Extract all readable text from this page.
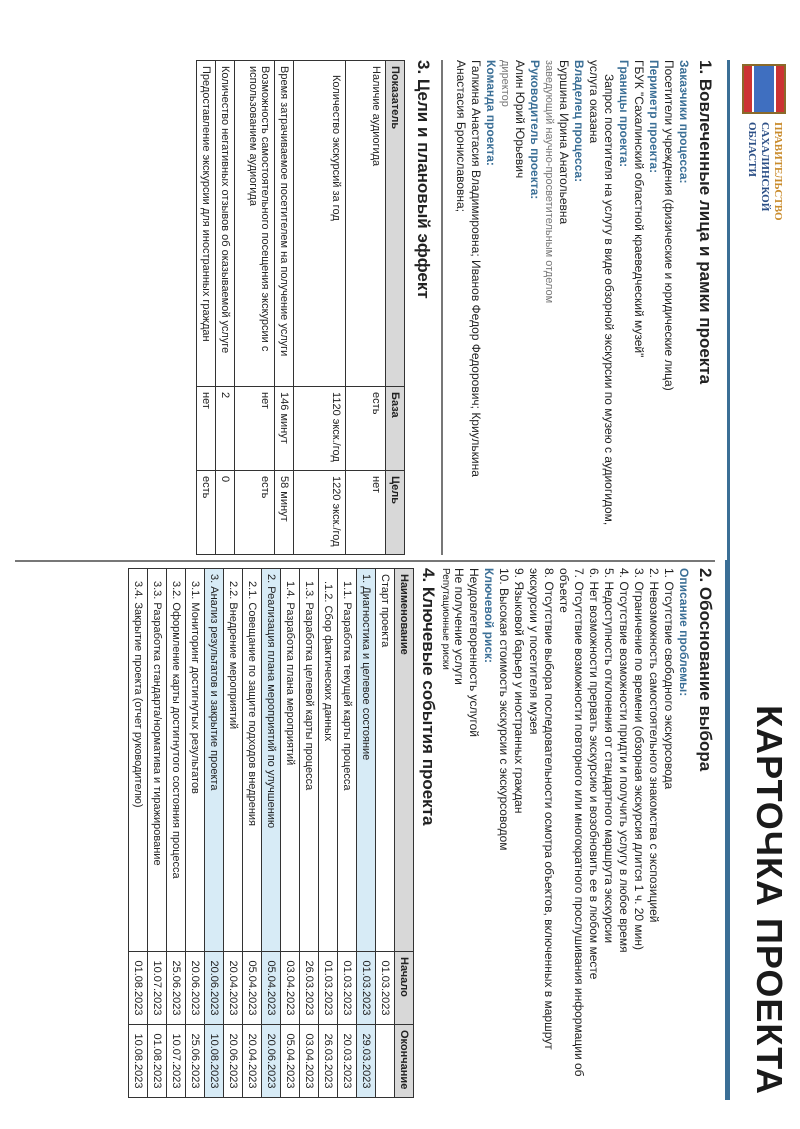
ПРАВИТЕЛЬСТВО
САХАЛИНСКОЙ
ОБЛАСТИ
КАРТОЧКА ПРОЕКТА
1. Вовлеченные лица и рамки проекта
Заказчики процесса:
Посетители учреждения (физические и юридические лица)
Периметр проекта:
ГБУК "Сахалинский областной краеведческий музей"
Границы проекта:
Запрос посетителя на услугу в виде обзорной экскурсии по музею с аудиогидом,
услуга оказана
Владелец процесса:
Буршина Ирина Анатольевна
заведующий научно-просветительным отделом
Руководитель проекта:
Алин Юрий Юрьевич
директор
Команда проекта:
Галкина Анастасия Владимировна; Иванов Федор Федорович; Криулькина
Анастасия Брониславовна;
3. Цели и плановый эффект
Показатель	База	Цель
Наличие аудиогида	есть	нет
Количество экскурсий за год	1120 экск./год	1220 экск./год
Время затрачиваемое посетителем на получение услуги	146 минут	58 минут
Возможность самостоятельного посещения экскурсии с использованием аудиогида	нет	есть
Количество негативных отзывов об оказываемой услуге	2	0
Предоставление экскурсии для иностранных граждан	нет	есть
2. Обоснование выбора
Описание проблемы:
1. Отсутствие свободного экскурсовода
2. Невозможность самостоятельного знакомства с экспозицией
3. Ограничение по времени (обзорная экскурсия длится 1 ч. 20 мин)
4. Отсутствие возможности придти и получить услугу в любое время
5. Недоступность отклонения от стандартного маршрута экскурсии
6. Нет возможности прервать экскурсию и возобновить ее в любом месте
7. Отсутствие возможности повторного или многократного прослушивания информации об объекте
8. Отсутствие выбора последовательности осмотра объектов, включенных в маршрут экскурсии у посетителя музея
9. Языковой барьер у иностранных граждан
10. Высокая стоимость экскурсии с экскурсоводом
Ключевой риск:
Неудовлетворенность услугой
Не получение услуги
Репутационные риски
4. Ключевые события проекта
Наименование	Начало	Окончание
Старт проекта	01.03.2023	
1. Диагностика и целевое состояние	01.03.2023	29.03.2023
1.1. Разработка текущей карты процесса	01.03.2023	20.03.2023
.1.2. Сбор фактических данных	01.03.2023	26.03.2023
1.3. Разработка целевой карты процесса	26.03.2023	03.04.2023
1.4. Разработка плана мероприятий	03.04.2023	05.04.2023
2. Реализация плана мероприятий по улучшению	05.04.2023	20.06.2023
2.1. Совещание по защите подходов внедрения	05.04.2023	20.04.2023
2.2. Внедрение мероприятий	20.04.2023	20.06.2023
3. Анализ результатов и закрытие проекта	20.06.2023	10.08.2023
3.1. Мониторинг достигнутых результатов	20.06.2023	25.06.2023
3.2. Оформление карты достигнутого состояния процесса	25.06.2023	10.07.2023
3.3. Разработка стандарта/норматива и тиражирование	10.07.2023	01.08.2023
3.4. Закрытие проекта (отчет руководителю)	01.08.2023	10.08.2023
